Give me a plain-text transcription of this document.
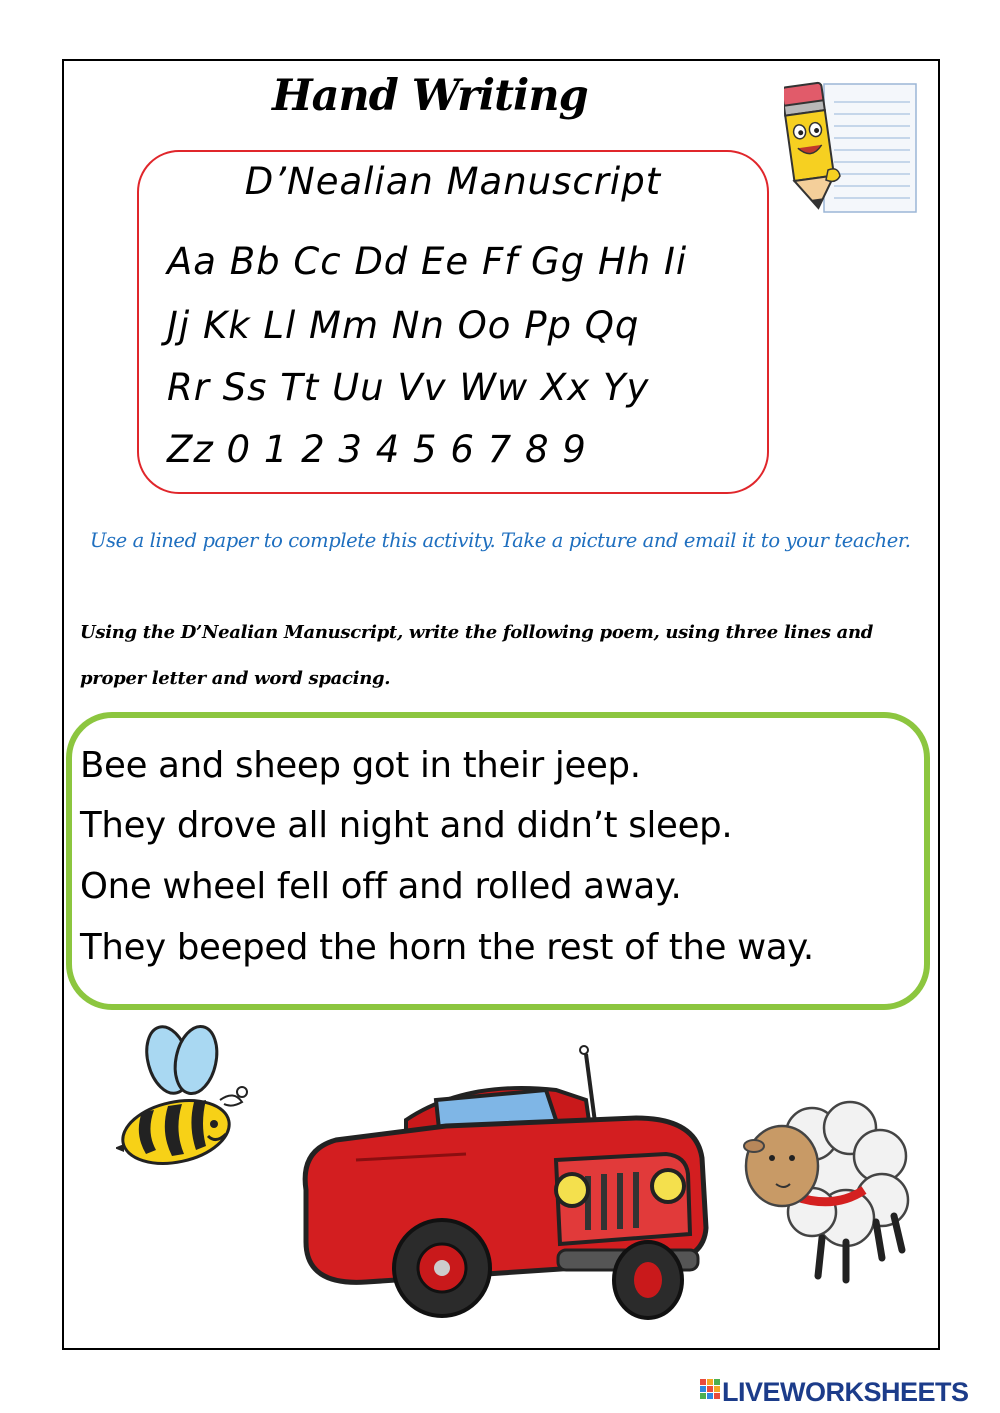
Hand Writing
D’Nealian Manuscript
Aa Bb Cc Dd Ee Ff Gg Hh Ii
Jj Kk Ll Mm Nn Oo Pp Qq
Rr Ss Tt Uu Vv Ww Xx Yy
Zz 0 1 2 3 4 5 6 7 8 9
Use a lined paper to complete this activity. Take a picture and email it to your teacher.
Using the D’Nealian Manuscript, write the following poem, using three lines and
proper letter and word spacing.
Bee and sheep got in their jeep.
They drove all night and didn’t sleep.
One wheel fell off and rolled away.
They beeped the horn the rest of the way.
LIVEWORKSHEETS
